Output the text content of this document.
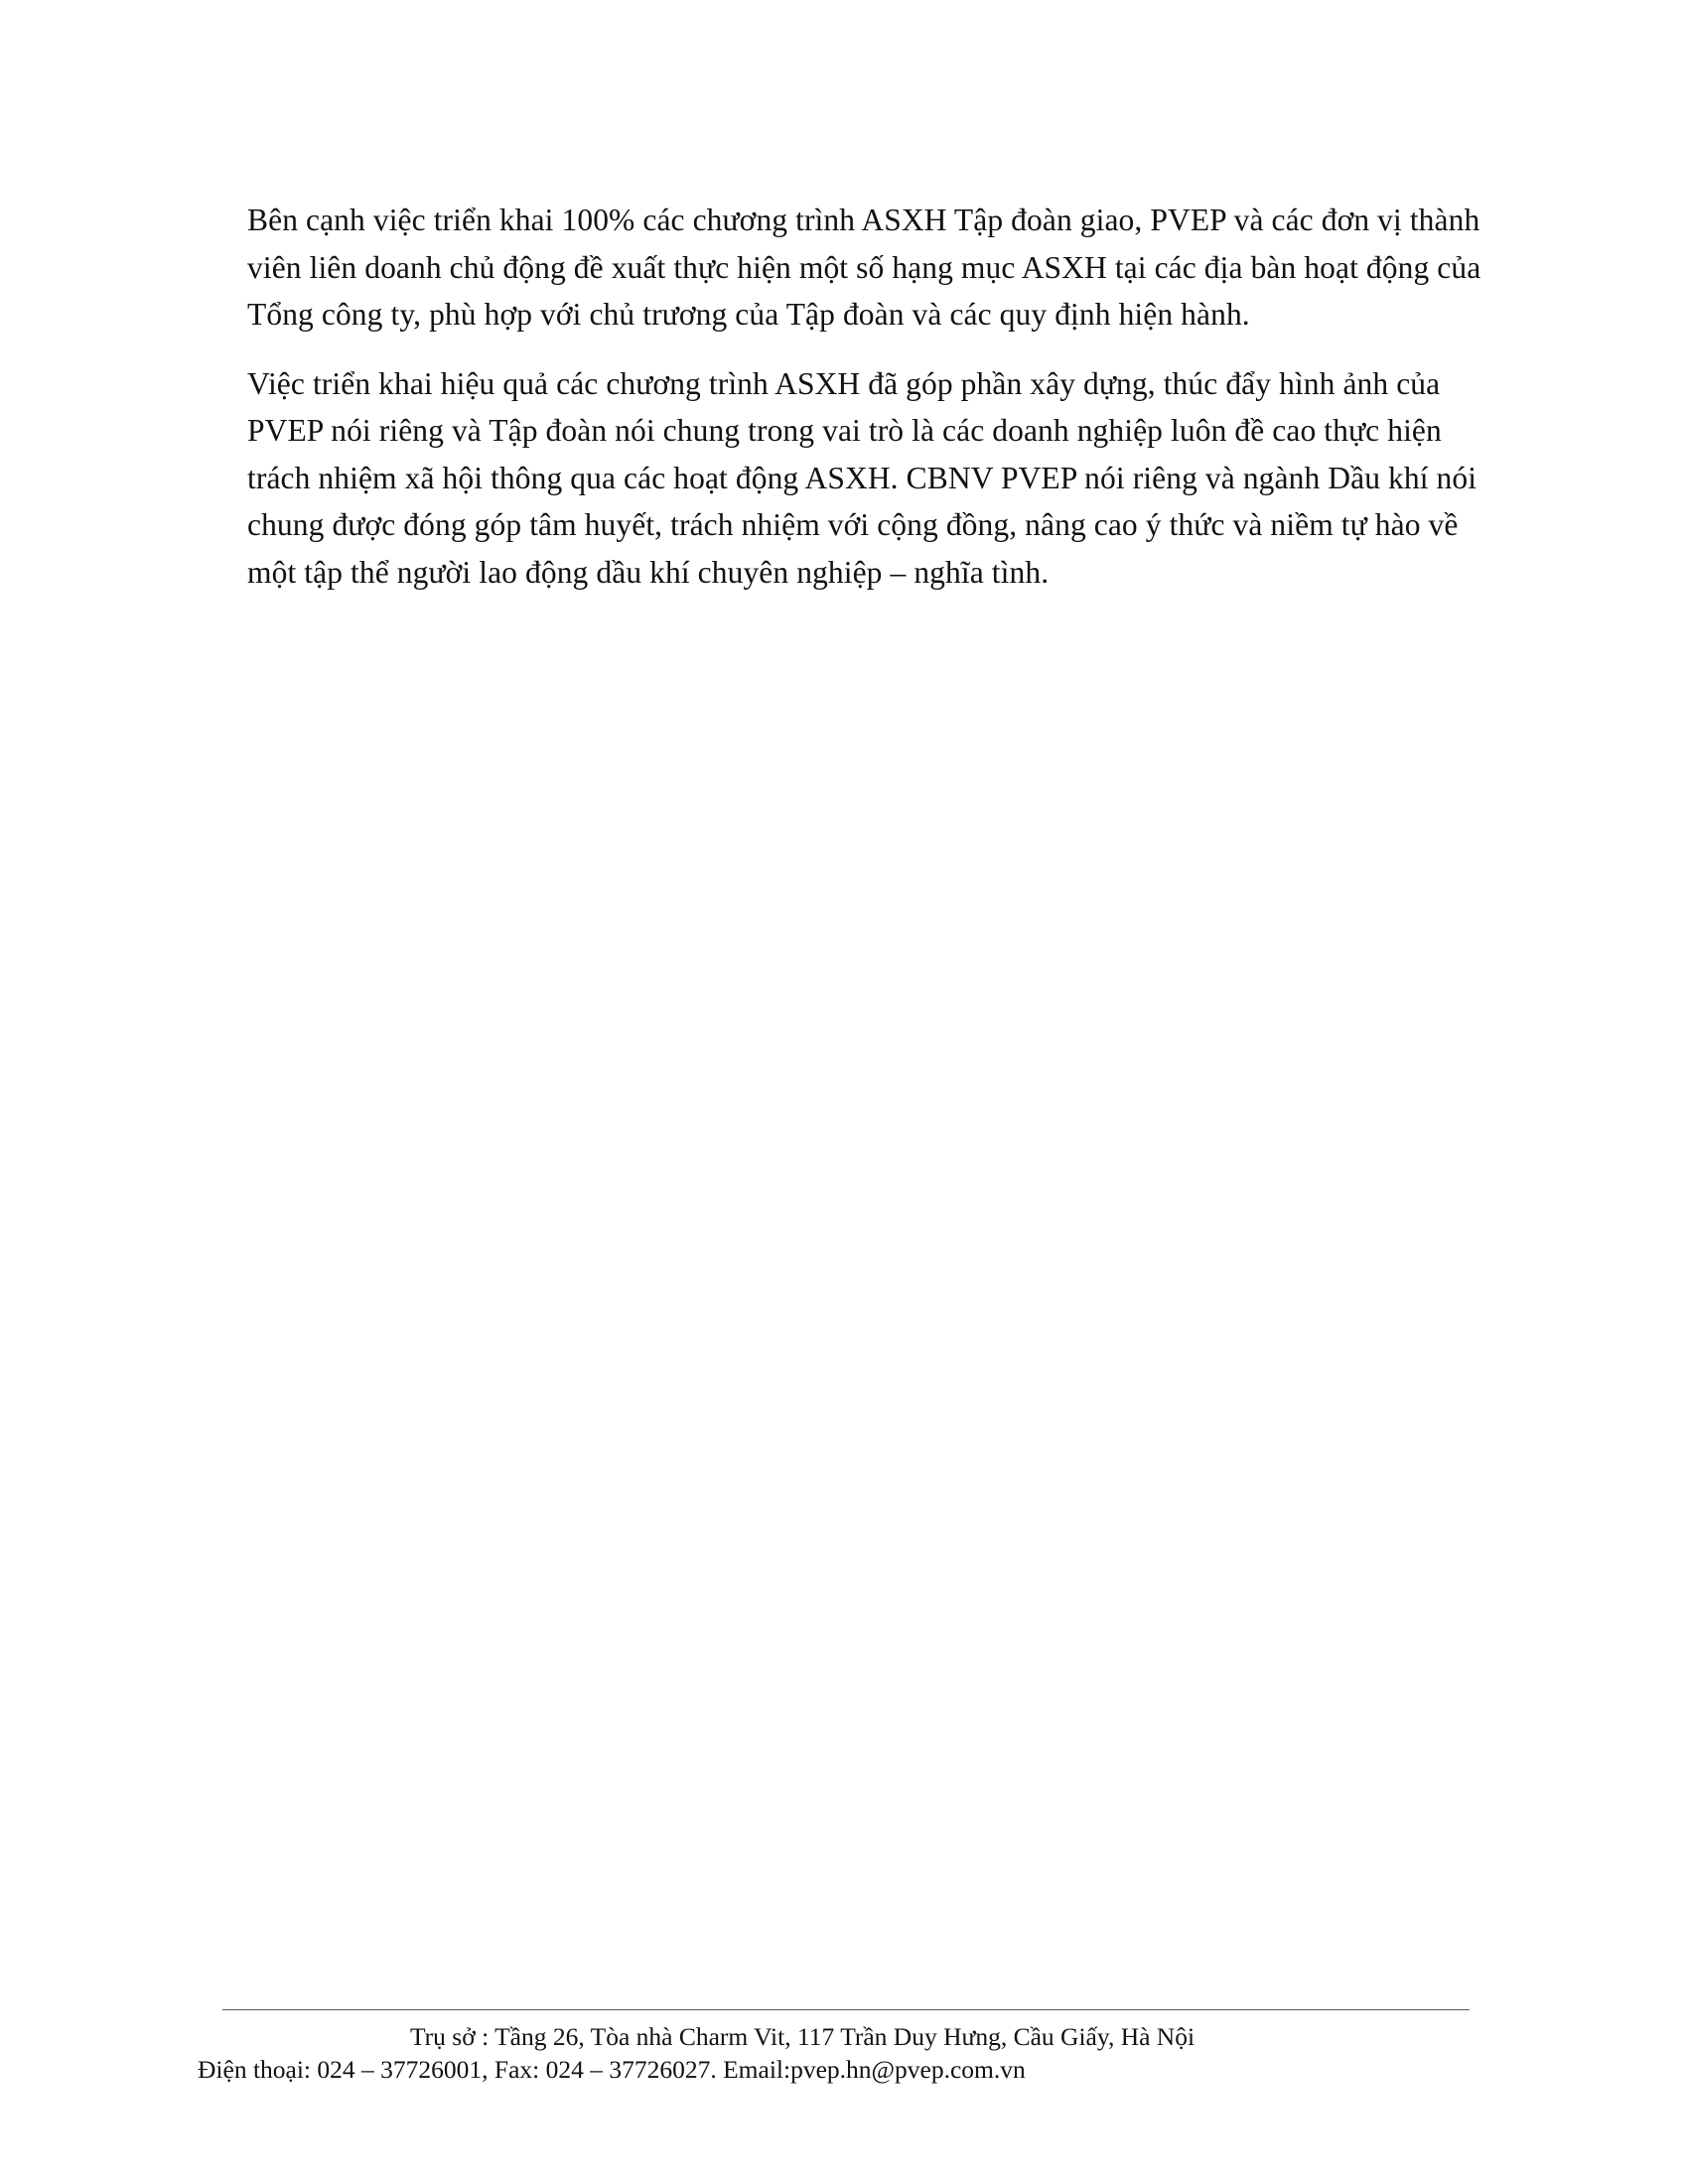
Bên cạnh việc triển khai 100% các chương trình ASXH Tập đoàn giao, PVEP và các đơn vị thành viên liên doanh chủ động đề xuất thực hiện một số hạng mục ASXH tại các địa bàn hoạt động của Tổng công ty, phù hợp với chủ trương của Tập đoàn và các quy định hiện hành.

Việc triển khai hiệu quả các chương trình ASXH đã góp phần xây dựng, thúc đẩy hình ảnh của PVEP nói riêng và Tập đoàn nói chung trong vai trò là các doanh nghiệp luôn đề cao thực hiện trách nhiệm xã hội thông qua các hoạt động ASXH. CBNV PVEP nói riêng và ngành Dầu khí nói chung được đóng góp tâm huyết, trách nhiệm với cộng đồng, nâng cao ý thức và niềm tự hào về một tập thể người lao động dầu khí chuyên nghiệp – nghĩa tình.

Trụ sở : Tầng 26, Tòa nhà Charm Vit, 117 Trần Duy Hưng, Cầu Giấy, Hà Nội
Điện thoại: 024 – 37726001, Fax: 024 – 37726027. Email:pvep.hn@pvep.com.vn
